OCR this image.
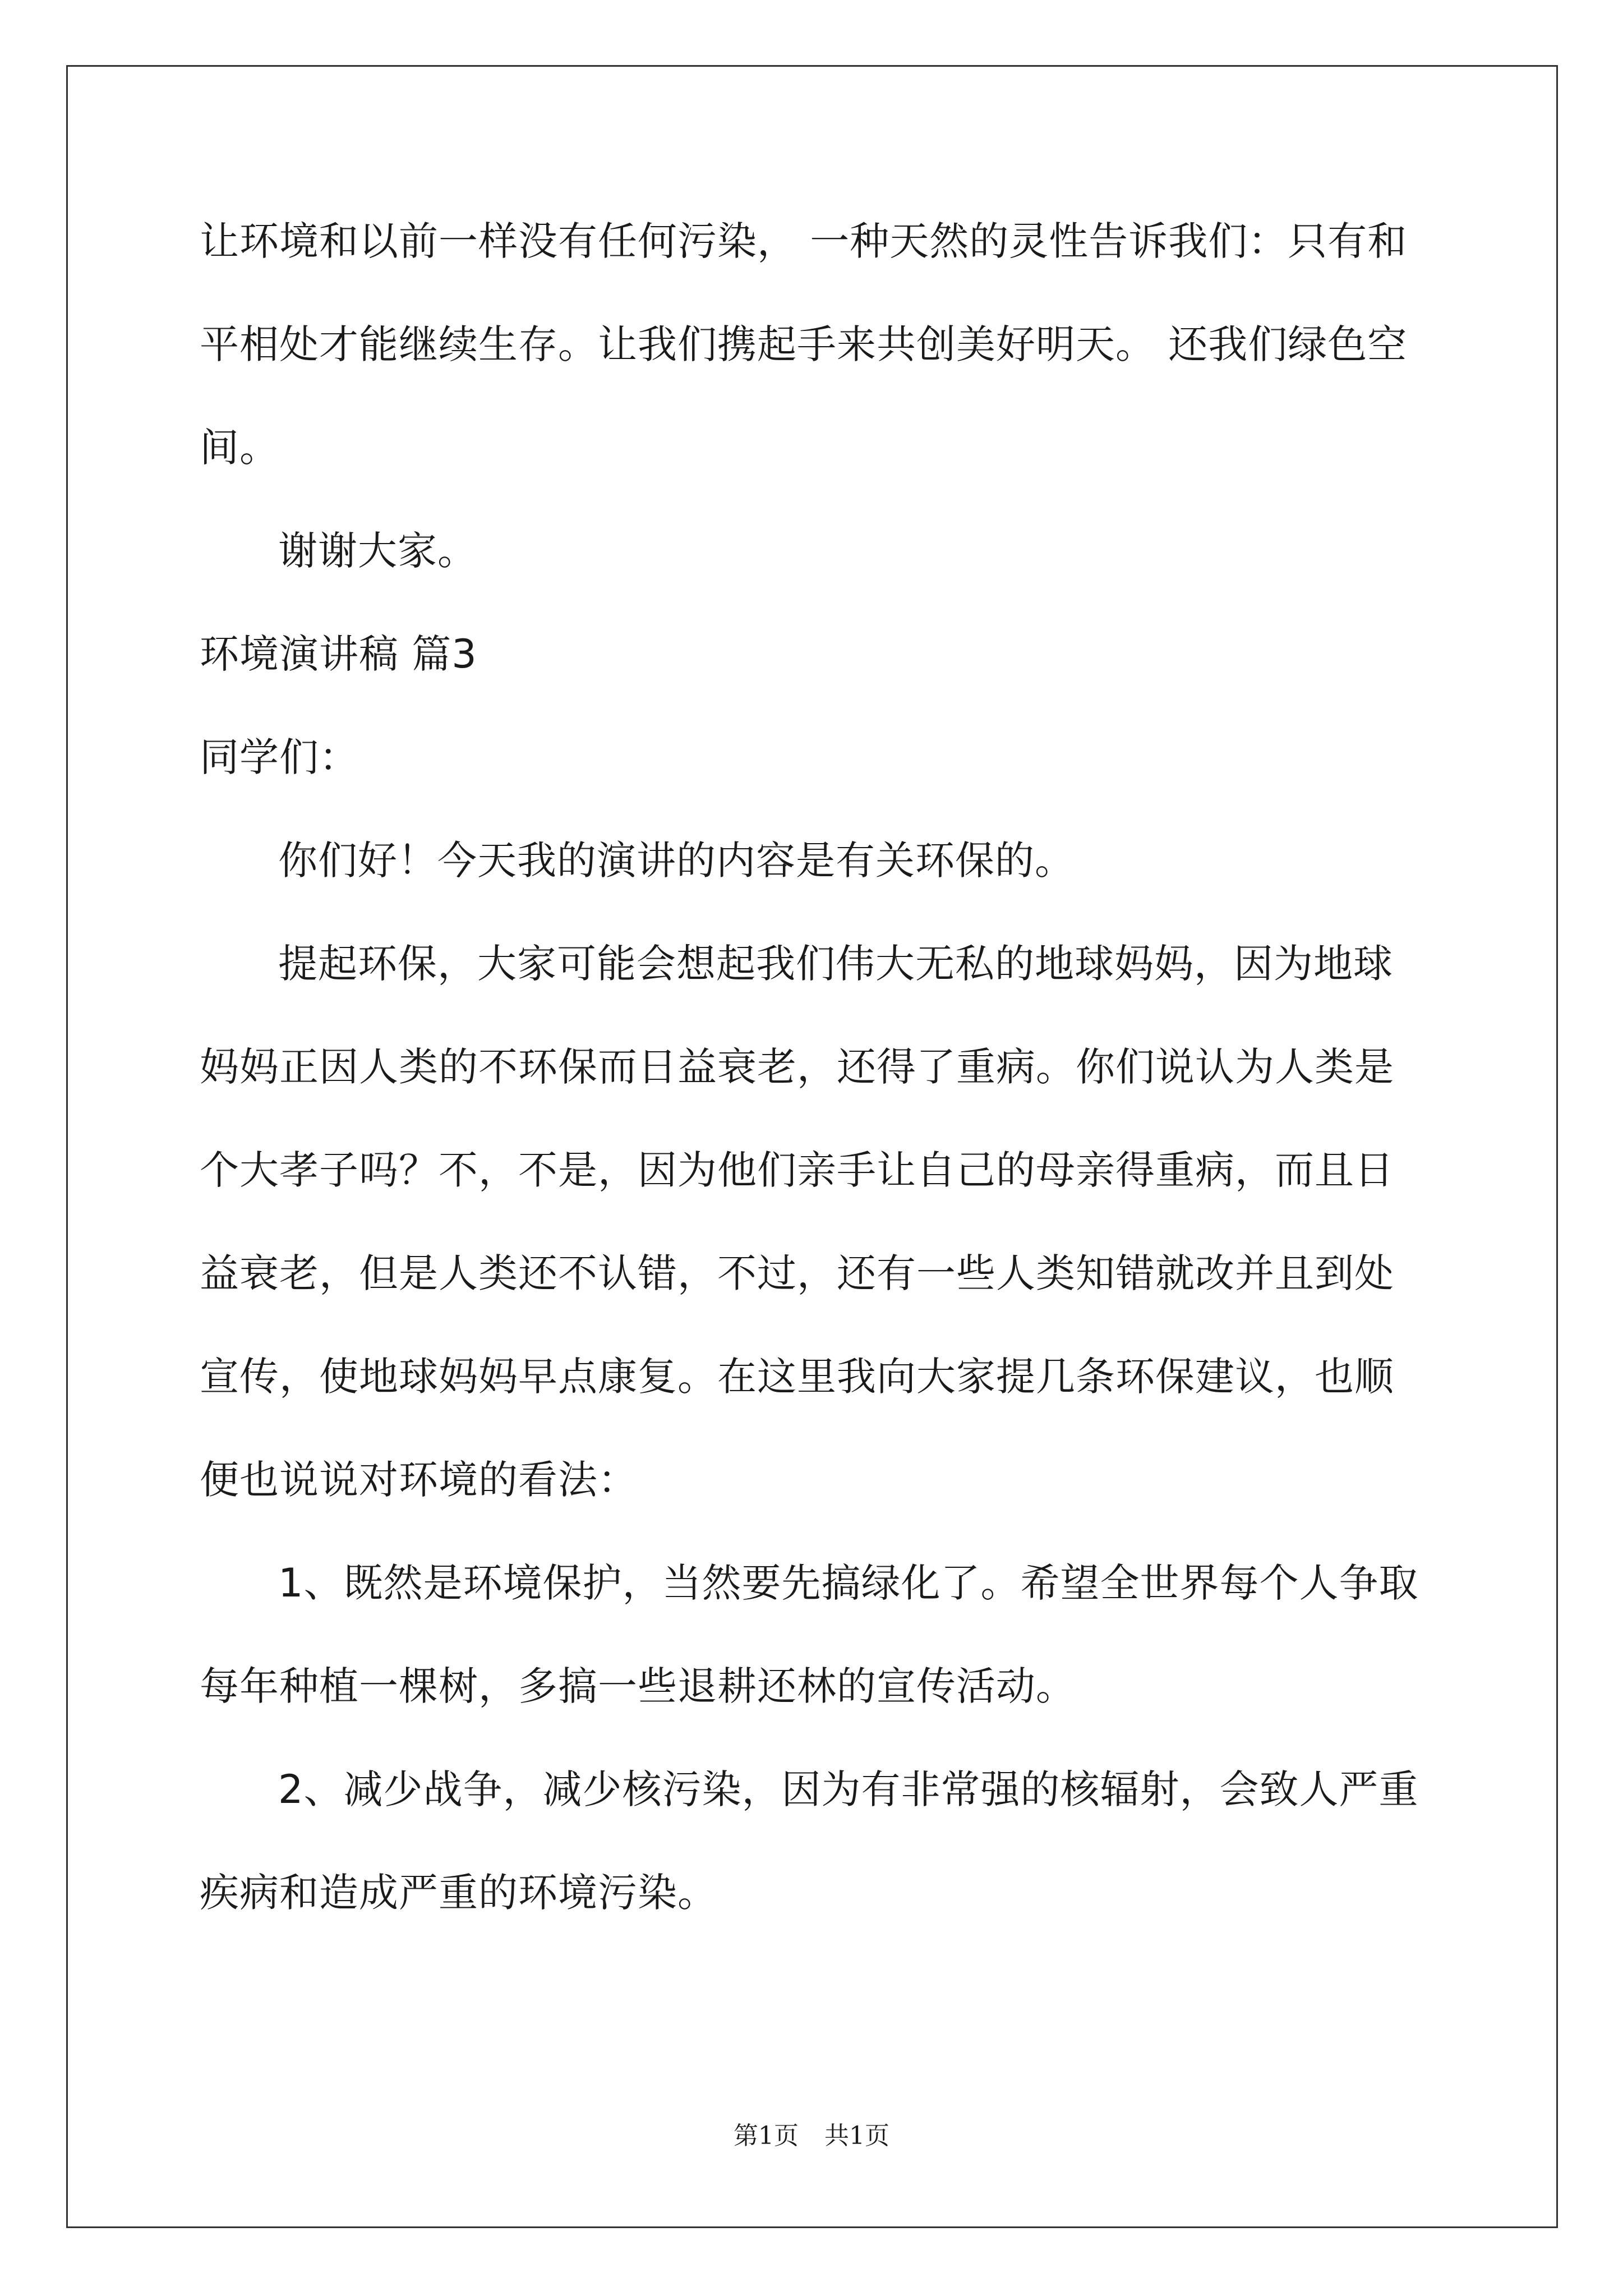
让环境和以前一样没有任何污染， 一种天然的灵性告诉我们：只有和
平相处才能继续生存。让我们携起手来共创美好明天。 还我们绿色空
间。
谢谢大家。
环境演讲稿 篇3
同学们：
你们好！今天我的演讲的内容是有关环保的。
提起环保，大家可能会想起我们伟大无私的地球妈妈，因为地球
妈妈正因人类的不环保而日益衰老，还得了重病。你们说认为人类是
个大孝子吗？不，不是，因为他们亲手让自己的母亲得重病，而且日
益衰老，但是人类还不认错，不过，还有一些人类知错就改并且到处
宣传，使地球妈妈早点康复。在这里我向大家提几条环保建议，也顺
便也说说对环境的看法：
1、既然是环境保护，当然要先搞绿化了。希望全世界每个人争取
每年种植一棵树，多搞一些退耕还林的宣传活动。
2、减少战争，减少核污染，因为有非常强的核辐射，会致人严重
疾病和造成严重的环境污染。
第1页 共1页
